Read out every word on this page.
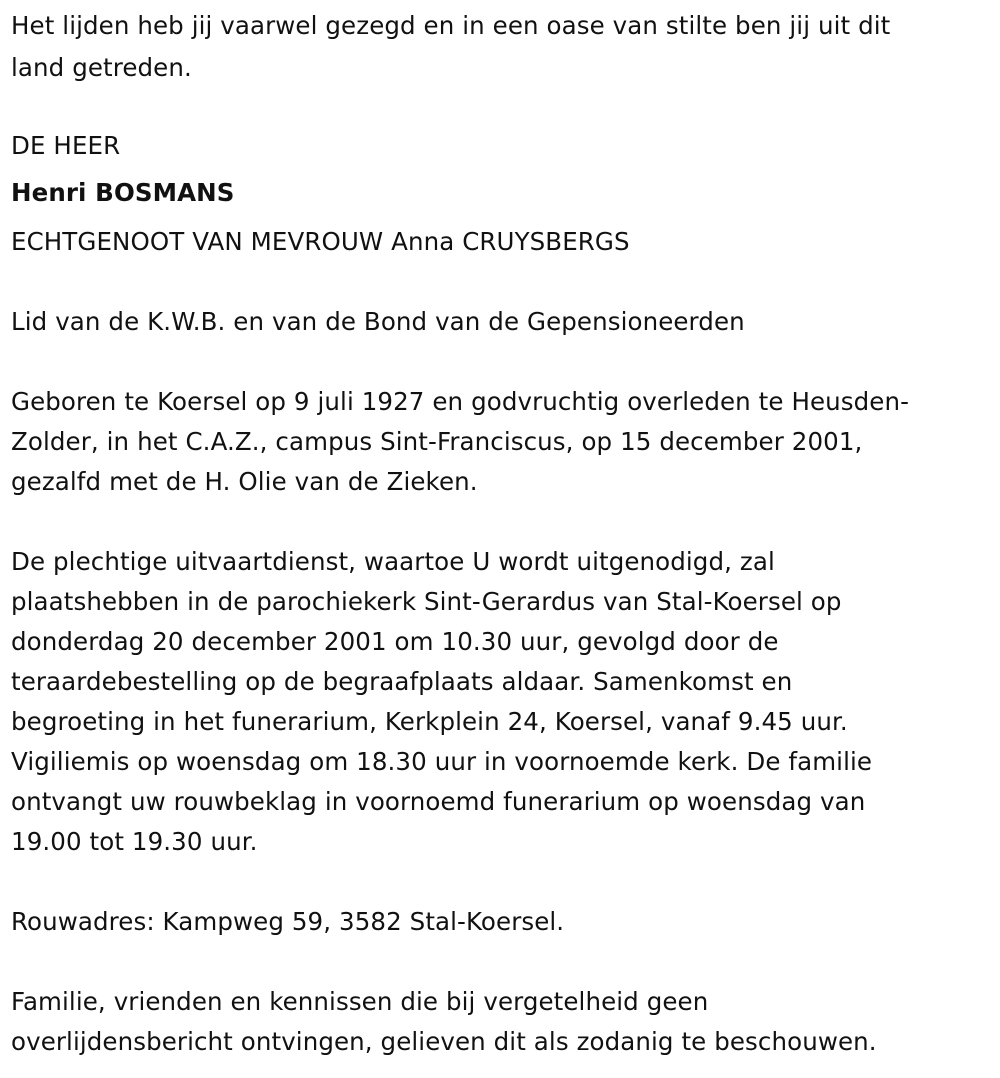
Het lijden heb jij vaarwel gezegd en in een oase van stilte ben jij uit dit
land getreden.
DE HEER
Henri BOSMANS
ECHTGENOOT VAN MEVROUW Anna CRUYSBERGS
Lid van de K.W.B. en van de Bond van de Gepensioneerden
Geboren te Koersel op 9 juli 1927 en godvruchtig overleden te Heusden-
Zolder, in het C.A.Z., campus Sint-Franciscus, op 15 december 2001,
gezalfd met de H. Olie van de Zieken.
De plechtige uitvaartdienst, waartoe U wordt uitgenodigd, zal
plaatshebben in de parochiekerk Sint-Gerardus van Stal-Koersel op
donderdag 20 december 2001 om 10.30 uur, gevolgd door de
teraardebestelling op de begraafplaats aldaar. Samenkomst en
begroeting in het funerarium, Kerkplein 24, Koersel, vanaf 9.45 uur.
Vigiliemis op woensdag om 18.30 uur in voornoemde kerk. De familie
ontvangt uw rouwbeklag in voornoemd funerarium op woensdag van
19.00 tot 19.30 uur.
Rouwadres: Kampweg 59, 3582 Stal-Koersel.
Familie, vrienden en kennissen die bij vergetelheid geen
overlijdensbericht ontvingen, gelieven dit als zodanig te beschouwen.
